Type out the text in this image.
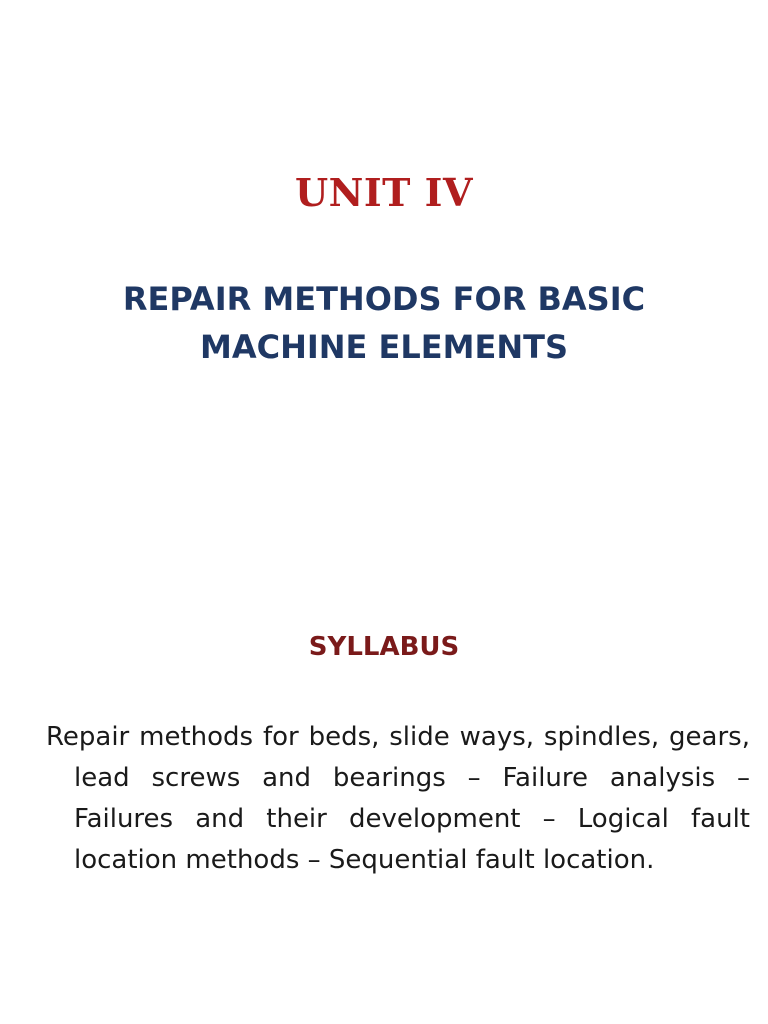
UNIT IV
REPAIR METHODS FOR BASIC
MACHINE ELEMENTS
SYLLABUS

Repair methods for beds, slide ways, spindles, gears, lead screws and bearings – Failure analysis –Failures and their development – Logical fault location methods – Sequential fault location.
